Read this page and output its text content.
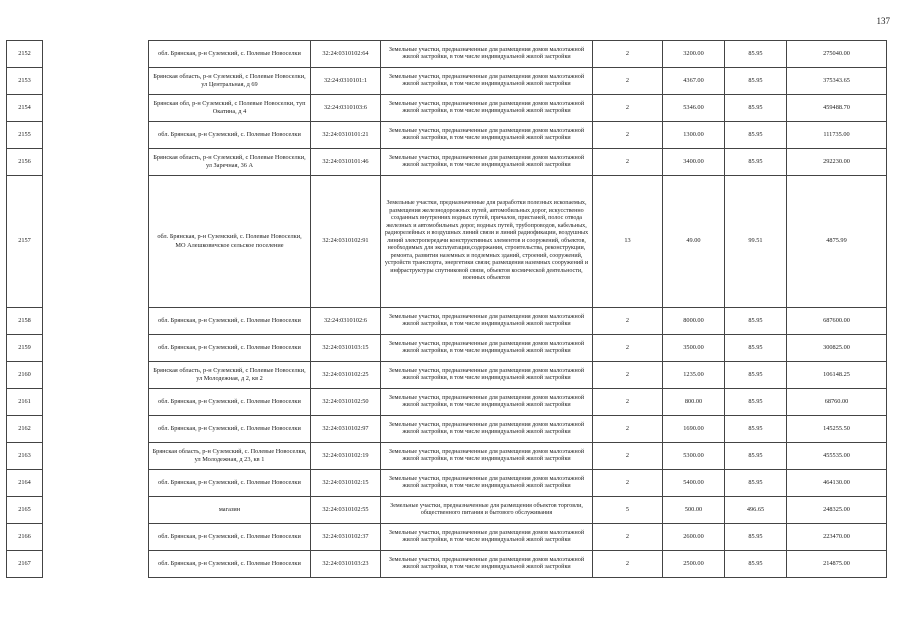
137
2152		обл. Брянская, р-н Суземский, с. Полевые Новоселки	32:24:0310102:64	Земельные участки, предназначенные для размещения домов малоэтажной жилой застройки, в том числе индивидуальной жилой застройки	2	3200.00	85.95	275040.00
2153		Брянская область, р-н Суземский, с Полевые Новоселки, ул Центральная, д 69	32:24:0310101:1	Земельные участки, предназначенные для размещения домов малоэтажной жилой застройки, в том числе индивидуальной жилой застройки	2	4367.00	85.95	375343.65
2154		Брянская обл, р-н Суземский, с Полевые Новоселки, туп Окатина, д 4	32:24:0310103:6	Земельные участки, предназначенные для размещения домов малоэтажной жилой застройки, в том числе индивидуальной жилой застройки	2	5346.00	85.95	459488.70
2155		обл. Брянская, р-н Суземский, с. Полевые Новоселки	32:24:0310101:21	Земельные участки, предназначенные для размещения домов малоэтажной жилой застройки, в том числе индивидуальной жилой застройки	2	1300.00	85.95	111735.00
2156		Брянская область, р-н Суземский, с Полевые Новоселки, ул Заречная, 36 А	32:24:0310101:46	Земельные участки, предназначенные для размещения домов малоэтажной жилой застройки, в том числе индивидуальной жилой застройки	2	3400.00	85.95	292230.00
2157		обл. Брянская, р-н Суземский, с. Полевые Новоселки, МО Алешковичское сельское поселение	32:24:0310102:91	Земельные участки, предназначенные для разработки полезных ископаемых, размещения железнодорожных путей, автомобильных дорог, искусственно созданных внутренних водных путей, причалов, пристаней, полос отвода железных и автомобильных дорог, водных путей, трубопроводов, кабельных, радиорелейных и воздушных линий связи и линий радиофикации, воздушных линий электропередачи конструктивных элементов и сооружений, объектов, необходимых для эксплуатации,содержания, строительства, реконструкции, ремонта, развития наземных и подземных зданий, строений, сооружений, устройств транспорта, энергетики связи; размещения наземных сооружений и инфраструктуры спутниковой связи, объектов космической деятельности, военных объектов	13	49.00	99.51	4875.99
2158		обл. Брянская, р-н Суземский, с. Полевые Новоселки	32:24:0310102:6	Земельные участки, предназначенные для размещения домов малоэтажной жилой застройки, в том числе индивидуальной жилой застройки	2	8000.00	85.95	687600.00
2159		обл. Брянская, р-н Суземский, с. Полевые Новоселки	32:24:0310103:15	Земельные участки, предназначенные для размещения домов малоэтажной жилой застройки, в том числе индивидуальной жилой застройки	2	3500.00	85.95	300825.00
2160		Брянская область, р-н Суземский, с Полевые Новоселки, ул Молодежная, д 2, кв 2	32:24:0310102:25	Земельные участки, предназначенные для размещения домов малоэтажной жилой застройки, в том числе индивидуальной жилой застройки	2	1235.00	85.95	106148.25
2161		обл. Брянская, р-н Суземский, с. Полевые Новоселки	32:24:0310102:50	Земельные участки, предназначенные для размещения домов малоэтажной жилой застройки, в том числе индивидуальной жилой застройки	2	800.00	85.95	68760.00
2162		обл. Брянская, р-н Суземский, с. Полевые Новоселки	32:24:0310102:97	Земельные участки, предназначенные для размещения домов малоэтажной жилой застройки, в том числе индивидуальной жилой застройки	2	1690.00	85.95	145255.50
2163		Брянская область, р-н Суземский, с. Полевые Новоселки, ул Молодежная, д 23, кв 1	32:24:0310102:19	Земельные участки, предназначенные для размещения домов малоэтажной жилой застройки, в том числе индивидуальной жилой застройки	2	5300.00	85.95	455535.00
2164		обл. Брянская, р-н Суземский, с. Полевые Новоселки	32:24:0310102:15	Земельные участки, предназначенные для размещения домов малоэтажной жилой застройки, в том числе индивидуальной жилой застройки	2	5400.00	85.95	464130.00
2165		магазин	32:24:0310102:55	Земельные участки, предназначенные для размещения объектов торговли, общественного питания и бытового обслуживания	5	500.00	496.65	248325.00
2166		обл. Брянская, р-н Суземский, с. Полевые Новоселки	32:24:0310102:37	Земельные участки, предназначенные для размещения домов малоэтажной жилой застройки, в том числе индивидуальной жилой застройки	2	2600.00	85.95	223470.00
2167		обл. Брянская, р-н Суземский, с. Полевые Новоселки	32:24:0310103:23	Земельные участки, предназначенные для размещения домов малоэтажной жилой застройки, в том числе индивидуальной жилой застройки	2	2500.00	85.95	214875.00
